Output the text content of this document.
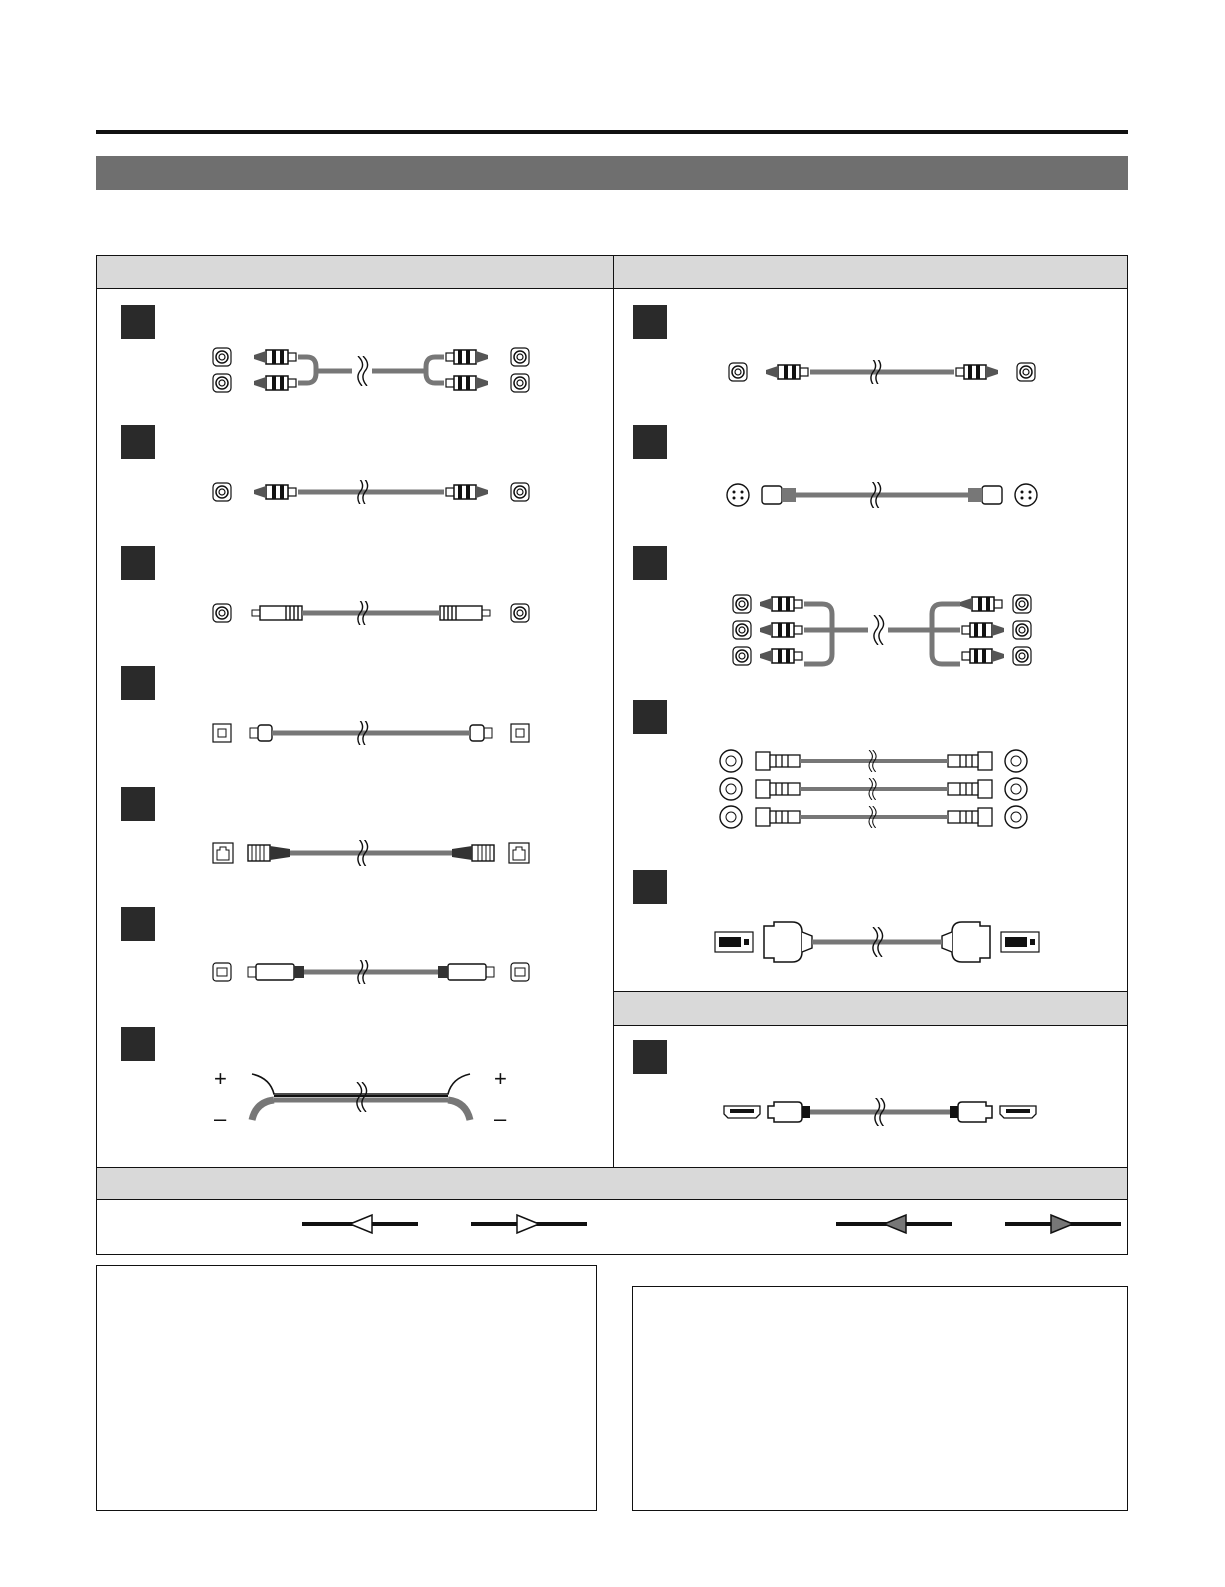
+
–
+
–
